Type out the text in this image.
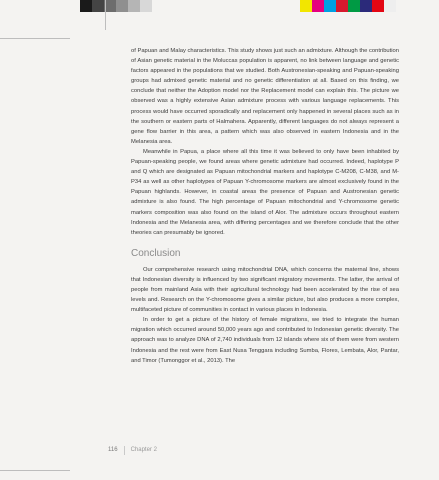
of Papuan and Malay characteristics. This study shows just such an admixture. Although the contribution of Asian genetic material in the Moluccas population is apparent, no link between language and genetic factors appeared in the populations that we studied. Both Austronesian-speaking and Papuan-speaking groups had admixed genetic material and no genetic differentiation at all. Based on this finding, we conclude that neither the Adoption model nor the Replacement model can explain this. The picture we observed was a highly extensive Asian admixture process with various language replacements. This process would have occurred sporadically and replacement only happened in several places such as in the southern or eastern parts of Halmahera. Apparently, different languages do not always represent a gene flow barrier in this area, a pattern which was also observed in eastern Indonesia and in the Melanesia area.

Meanwhile in Papua, a place where all this time it was believed to only have been inhabited by Papuan-speaking people, we found areas where genetic admixture had occurred. Indeed, haplotype P and Q which are designated as Papuan mitochondrial markers and haplotype C-M208, C-M38, and M-P34 as well as other haplotypes of Papuan Y-chromosome markers are almost exclusively found in the Papuan highlands. However, in coastal areas the presence of Papuan and Austronesian genetic admixture is also found. The high percentage of Papuan mitochondrial and Y-chromosome genetic markers composition was also found on the island of Alor. The admixture occurs throughout eastern Indonesia and the Melanesia area, with differing percentages and we therefore conclude that the other theories can presumably be ignored.

Conclusion

Our comprehensive research using mitochondrial DNA, which concerns the maternal line, shows that Indonesian diversity is influenced by two significant migratory movements. The latter, the arrival of people from mainland Asia with their agricultural technology had been accelerated by the rise of sea levels and. Research on the Y-chromosome gives a similar picture, but also produces a more complex, multifaceted picture of communities in contact in various places in Indonesia.

In order to get a picture of the history of female migrations, we tried to integrate the human migration which occurred around 50,000 years ago and contributed to Indonesian genetic diversity. The approach was to analyze DNA of 2,740 individuals from 12 islands where six of them were from western Indonesia and the rest were from East Nusa Tenggara including Sumba, Flores, Lembata, Alor, Pantar, and Timor (Tumonggor et al., 2013). The

116 Chapter 2
